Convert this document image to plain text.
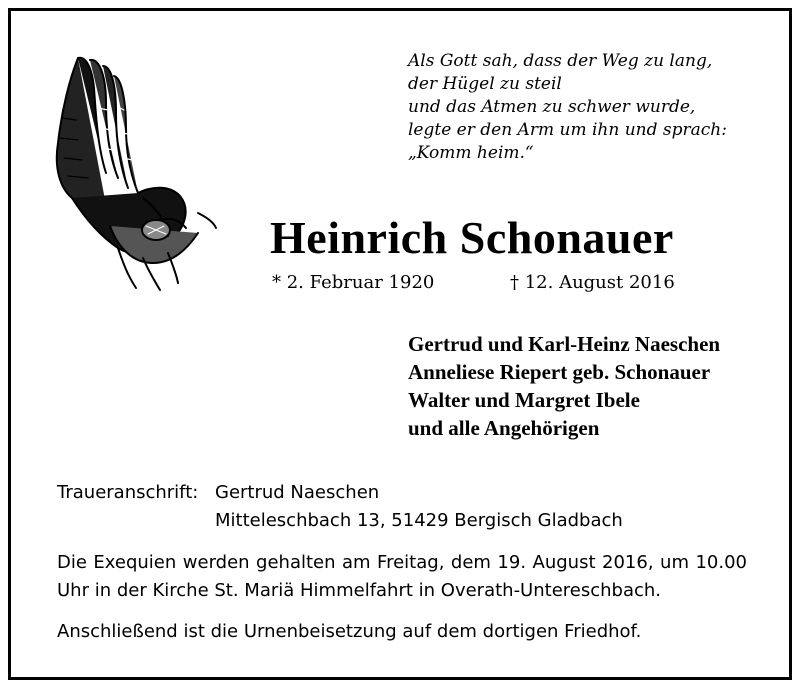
Als Gott sah, dass der Weg zu lang,
der Hügel zu steil
und das Atmen zu schwer wurde,
legte er den Arm um ihn und sprach:
„Komm heim.“
Heinrich Schonauer
* 2. Februar 1920	† 12. August 2016
Gertrud und Karl-Heinz Naeschen
Anneliese Riepert geb. Schonauer
Walter und Margret Ibele
und alle Angehörigen
Traueranschrift: Gertrud Naeschen
Mitteleschbach 13, 51429 Bergisch Gladbach
Die Exequien werden gehalten am Freitag, dem 19. August 2016, um 10.00 Uhr in der Kirche St. Mariä Himmelfahrt in Overath-Untereschbach.
Anschließend ist die Urnenbeisetzung auf dem dortigen Friedhof.
